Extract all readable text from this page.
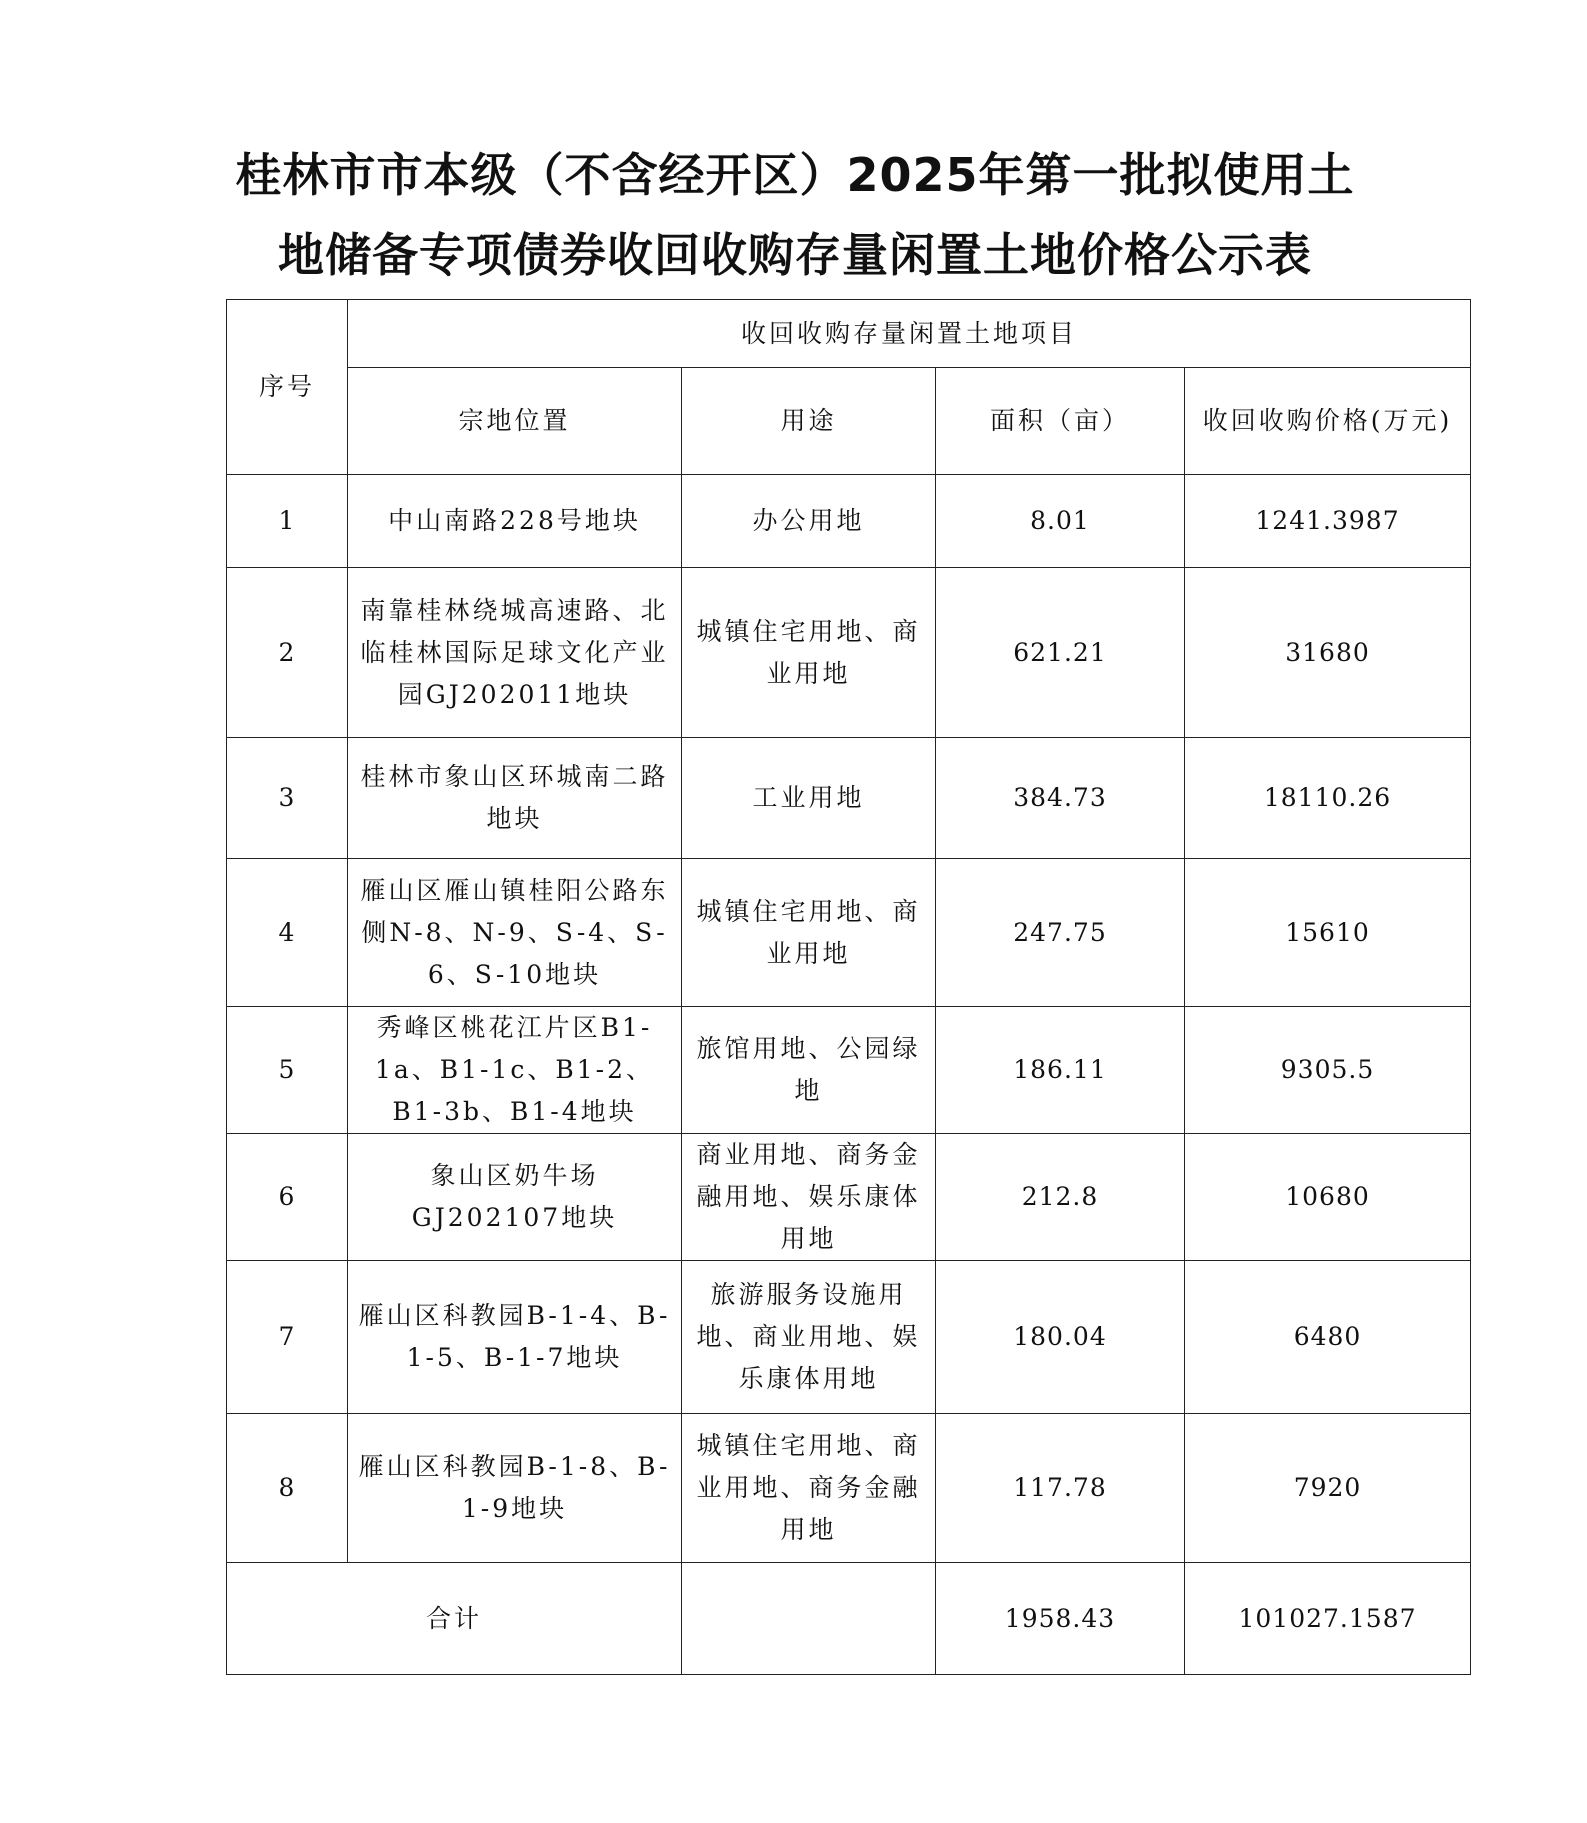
桂林市市本级（不含经开区）2025年第一批拟使用土
地储备专项债券收回收购存量闲置土地价格公示表
序号	收回收购存量闲置土地项目			
	宗地位置	用途	面积（亩）	收回收购价格(万元)
1	中山南路228号地块	办公用地	8.01	1241.3987
2	南靠桂林绕城高速路、北临桂林国际足球文化产业园GJ202011地块	城镇住宅用地、商业用地	621.21	31680
3	桂林市象山区环城南二路地块	工业用地	384.73	18110.26
4	雁山区雁山镇桂阳公路东侧N-8、N-9、S-4、S-6、S-10地块	城镇住宅用地、商业用地	247.75	15610
5	秀峰区桃花江片区B1-1a、B1-1c、B1-2、B1-3b、B1-4地块	旅馆用地、公园绿地	186.11	9305.5
6	象山区奶牛场GJ202107地块	商业用地、商务金融用地、娱乐康体用地	212.8	10680
7	雁山区科教园B-1-4、B-1-5、B-1-7地块	旅游服务设施用地、商业用地、娱乐康体用地	180.04	6480
8	雁山区科教园B-1-8、B-1-9地块	城镇住宅用地、商业用地、商务金融用地	117.78	7920
合计			1958.43	101027.1587
